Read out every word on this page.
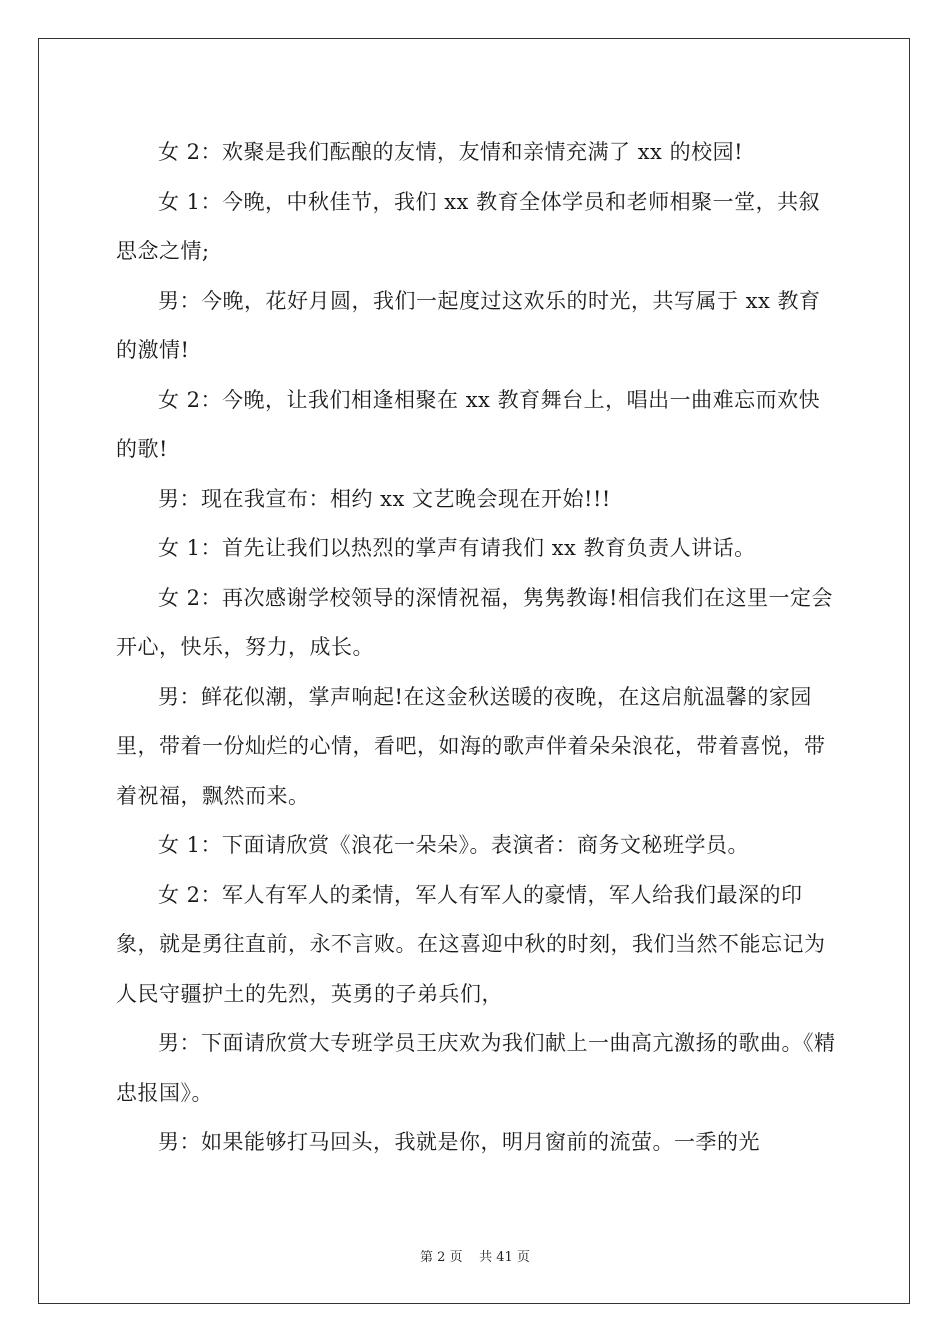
女 2：欢聚是我们酝酿的友情，友情和亲情充满了 xx 的校园!

女 1：今晚，中秋佳节，我们 xx 教育全体学员和老师相聚一堂，共叙思念之情;

男：今晚，花好月圆，我们一起度过这欢乐的时光，共写属于 xx 教育的激情!

女 2：今晚，让我们相逢相聚在 xx 教育舞台上，唱出一曲难忘而欢快的歌!

男：现在我宣布：相约 xx 文艺晚会现在开始!!!

女 1：首先让我们以热烈的掌声有请我们 xx 教育负责人讲话。

女 2：再次感谢学校领导的深情祝福，隽隽教诲!相信我们在这里一定会开心，快乐，努力，成长。

男：鲜花似潮，掌声响起!在这金秋送暖的夜晚，在这启航温馨的家园里，带着一份灿烂的心情，看吧，如海的歌声伴着朵朵浪花，带着喜悦，带着祝福，飘然而来。

女 1：下面请欣赏《浪花一朵朵》。表演者：商务文秘班学员。

女 2：军人有军人的柔情，军人有军人的豪情，军人给我们最深的印象，就是勇往直前，永不言败。在这喜迎中秋的时刻，我们当然不能忘记为人民守疆护土的先烈，英勇的子弟兵们，

男：下面请欣赏大专班学员王庆欢为我们献上一曲高亢激扬的歌曲。《精忠报国》。

男：如果能够打马回头，我就是你，明月窗前的流萤。一季的光

第 2 页 共 41 页
